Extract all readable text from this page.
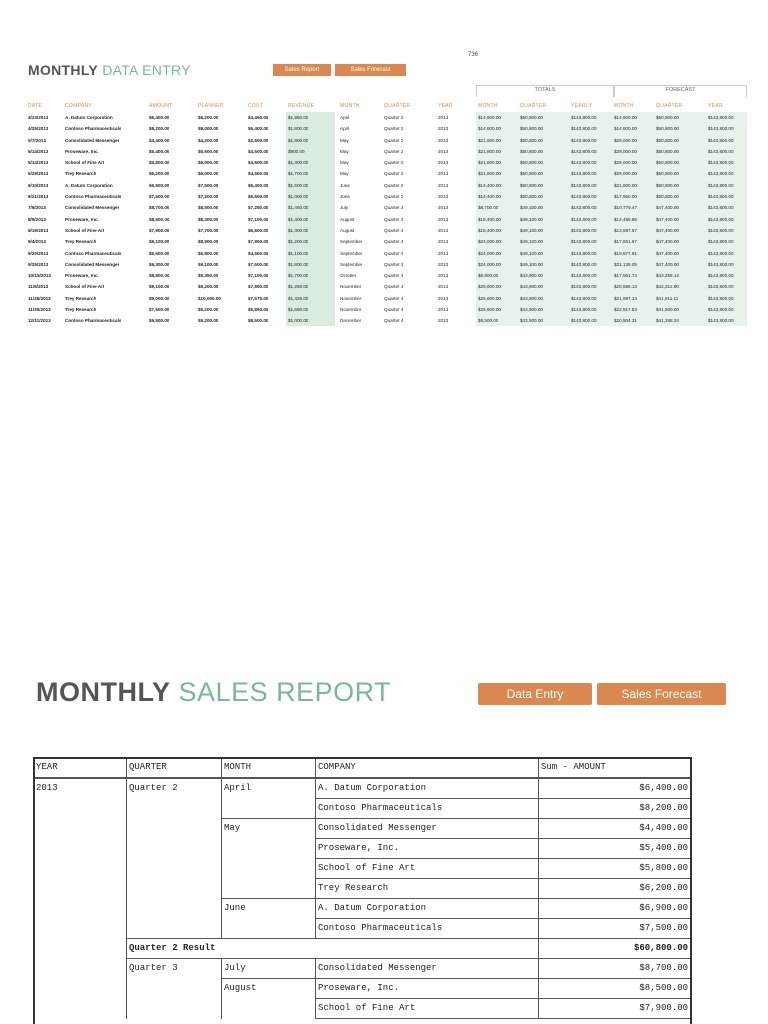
736
MONTHLY DATA ENTRY	Sales Report	Sales Forecast
TOTALS	FORECAST
DATE	COMPANY	AMOUNT	PLANNED	COST	REVENUE	MONTH	QUARTER	YEAR	MONTH	QUARTER	YEARLY	MONTH	QUARTER	YEAR
4/23/2013	A. Datum Corporation	$6,400.00	$6,200.00	$4,450.00	$1,950.00	April	Quarter 2	2013	$14,600.00	$50,800.00	$143,800.00	$14,600.00	$50,800.00	$143,800.00
4/25/2013	Contoso Pharmaceuticals	$8,200.00	$8,000.00	$6,400.00	$1,800.00	April	Quarter 2	2013	$14,600.00	$50,800.00	$143,800.00	$14,600.00	$50,800.00	$143,800.00
5/7/2013	Consolidated Messenger	$4,400.00	$4,200.00	$2,600.00	$1,800.00	May	Quarter 2	2013	$21,800.00	$50,800.00	$143,800.00	$29,000.00	$50,800.00	$143,800.00
5/14/2013	Proseware, Inc.	$5,400.00	$5,500.00	$4,500.00	$900.00	May	Quarter 2	2013	$21,800.00	$50,800.00	$143,800.00	$29,000.00	$50,800.00	$143,800.00
5/14/2013	School of Fine Art	$5,800.00	$6,000.00	$4,500.00	$1,300.00	May	Quarter 2	2013	$21,800.00	$50,800.00	$143,800.00	$29,000.00	$50,800.00	$143,800.00
5/29/2013	Trey Research	$6,200.00	$6,000.00	$4,500.00	$1,700.00	May	Quarter 2	2013	$21,800.00	$50,800.00	$143,800.00	$29,000.00	$50,800.00	$143,800.00
6/10/2013	A. Datum Corporation	$6,900.00	$7,500.00	$5,400.00	$1,500.00	June	Quarter 2	2013	$14,400.00	$50,800.00	$143,800.00	$21,800.00	$50,800.00	$143,800.00
6/21/2013	Contoso Pharmaceuticals	$7,500.00	$7,200.00	$6,500.00	$1,000.00	June	Quarter 2	2013	$14,400.00	$50,800.00	$143,800.00	$17,950.00	$50,800.00	$143,800.00
7/6/2013	Consolidated Messenger	$8,700.00	$8,500.00	$7,250.00	$1,450.00	July	Quarter 3	2013	$8,700.00	$49,100.00	$143,800.00	$10,779.47	$47,400.00	$143,800.00
8/5/2013	Proseware, Inc.	$8,500.00	$8,300.00	$7,100.00	$1,400.00	August	Quarter 3	2013	$16,400.00	$49,100.00	$143,800.00	$12,455.86	$47,400.00	$143,800.00
8/19/2013	School of Fine Art	$7,900.00	$7,700.00	$6,600.00	$1,300.00	August	Quarter 3	2013	$16,400.00	$49,100.00	$143,800.00	$13,887.57	$47,400.00	$143,800.00
9/4/2013	Trey Research	$9,100.00	$8,900.00	$7,900.00	$1,200.00	September	Quarter 3	2013	$24,000.00	$49,100.00	$143,800.00	$17,651.67	$47,400.00	$143,800.00
9/20/2013	Contoso Pharmaceuticals	$5,600.00	$5,800.00	$4,500.00	$1,100.00	September	Quarter 3	2013	$24,000.00	$49,100.00	$143,800.00	$19,877.91	$47,400.00	$143,800.00
9/25/2013	Consolidated Messenger	$9,300.00	$9,100.00	$7,500.00	$1,800.00	September	Quarter 3	2013	$24,000.00	$49,100.00	$143,800.00	$21,138.05	$47,400.00	$143,800.00
10/15/2013	Proseware, Inc.	$8,800.00	$9,350.00	$7,100.00	$1,700.00	October	Quarter 4	2013	$8,800.00	$43,900.00	$143,800.00	$17,951.74	$43,258.14	$143,800.00
11/5/2013	School of Fine Art	$9,100.00	$9,200.00	$7,850.00	$1,250.00	November	Quarter 4	2013	$25,600.00	$43,900.00	$143,800.00	$20,558.13	$42,312.90	$143,800.00
11/26/2013	Trey Research	$9,000.00	$10,000.00	$7,575.00	$1,425.00	November	Quarter 4	2013	$25,600.00	$43,900.00	$143,800.00	$21,987.14	$41,811.11	$143,800.00
11/30/2013	Trey Research	$7,500.00	$9,200.00	$5,850.00	$1,650.00	November	Quarter 4	2013	$25,600.00	$43,900.00	$143,800.00	$22,917.83	$41,500.00	$143,800.00
12/11/2013	Contoso Pharmaceuticals	$9,500.00	$9,200.00	$8,500.00	$1,000.00	December	Quarter 4	2013	$9,500.00	$43,900.00	$143,800.00	$20,504.31	$41,288.24	$143,800.00
MONTHLY SALES REPORT	Data Entry	Sales Forecast
YEAR	QUARTER	MONTH	COMPANY	Sum - AMOUNT
2013	Quarter 2	April	A. Datum Corporation	$6,400.00
			Contoso Pharmaceuticals	$8,200.00
		May	Consolidated Messenger	$4,400.00
			Proseware, Inc.	$5,400.00
			School of Fine Art	$5,800.00
			Trey Research	$6,200.00
		June	A. Datum Corporation	$6,900.00
			Contoso Pharmaceuticals	$7,500.00
	Quarter 2 Result			$60,800.00
	Quarter 3	July	Consolidated Messenger	$8,700.00
		August	Proseware, Inc.	$8,500.00
			School of Fine Art	$7,900.00
